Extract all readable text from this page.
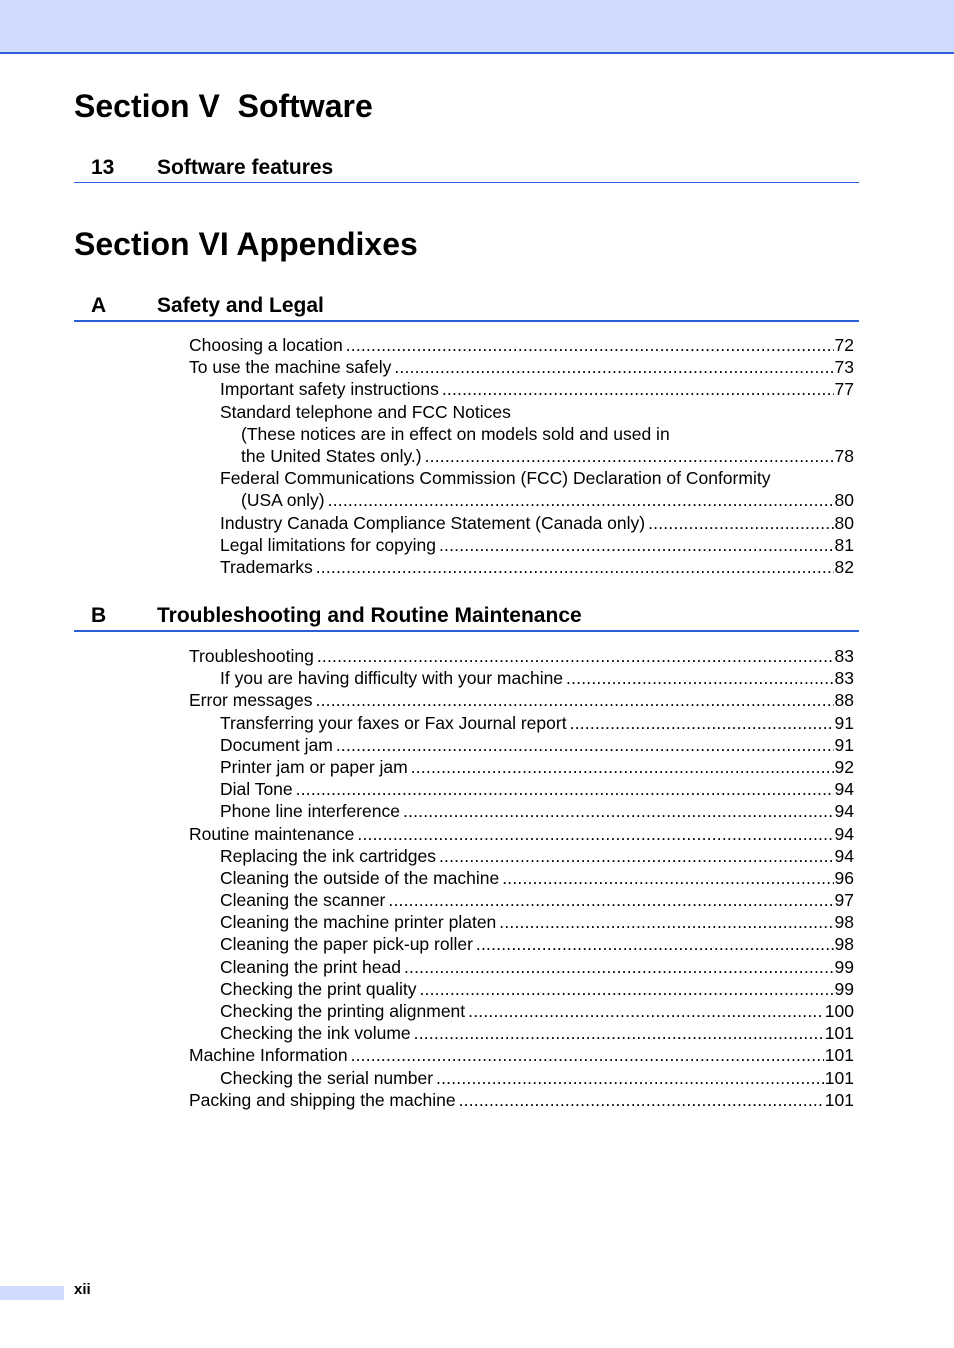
Section V  Software
13 Software features
Section VI Appendixes
A Safety and Legal
Choosing a location .....	72
To use the machine safely .....	73
Important safety instructions .....	77
Standard telephone and FCC Notices
(These notices are in effect on models sold and used in
the United States only.) .....	78
Federal Communications Commission (FCC) Declaration of Conformity
(USA only) .....	80
Industry Canada Compliance Statement (Canada only) .....	80
Legal limitations for copying .....	81
Trademarks .....	82
B Troubleshooting and Routine Maintenance
Troubleshooting .....	83
If you are having difficulty with your machine .....	83
Error messages .....	88
Transferring your faxes or Fax Journal report .....	91
Document jam .....	91
Printer jam or paper jam .....	92
Dial Tone .....	94
Phone line interference .....	94
Routine maintenance .....	94
Replacing the ink cartridges .....	94
Cleaning the outside of the machine .....	96
Cleaning the scanner .....	97
Cleaning the machine printer platen .....	98
Cleaning the paper pick-up roller .....	98
Cleaning the print head .....	99
Checking the print quality .....	99
Checking the printing alignment .....	100
Checking the ink volume .....	101
Machine Information .....	101
Checking the serial number .....	101
Packing and shipping the machine .....	101
xii
